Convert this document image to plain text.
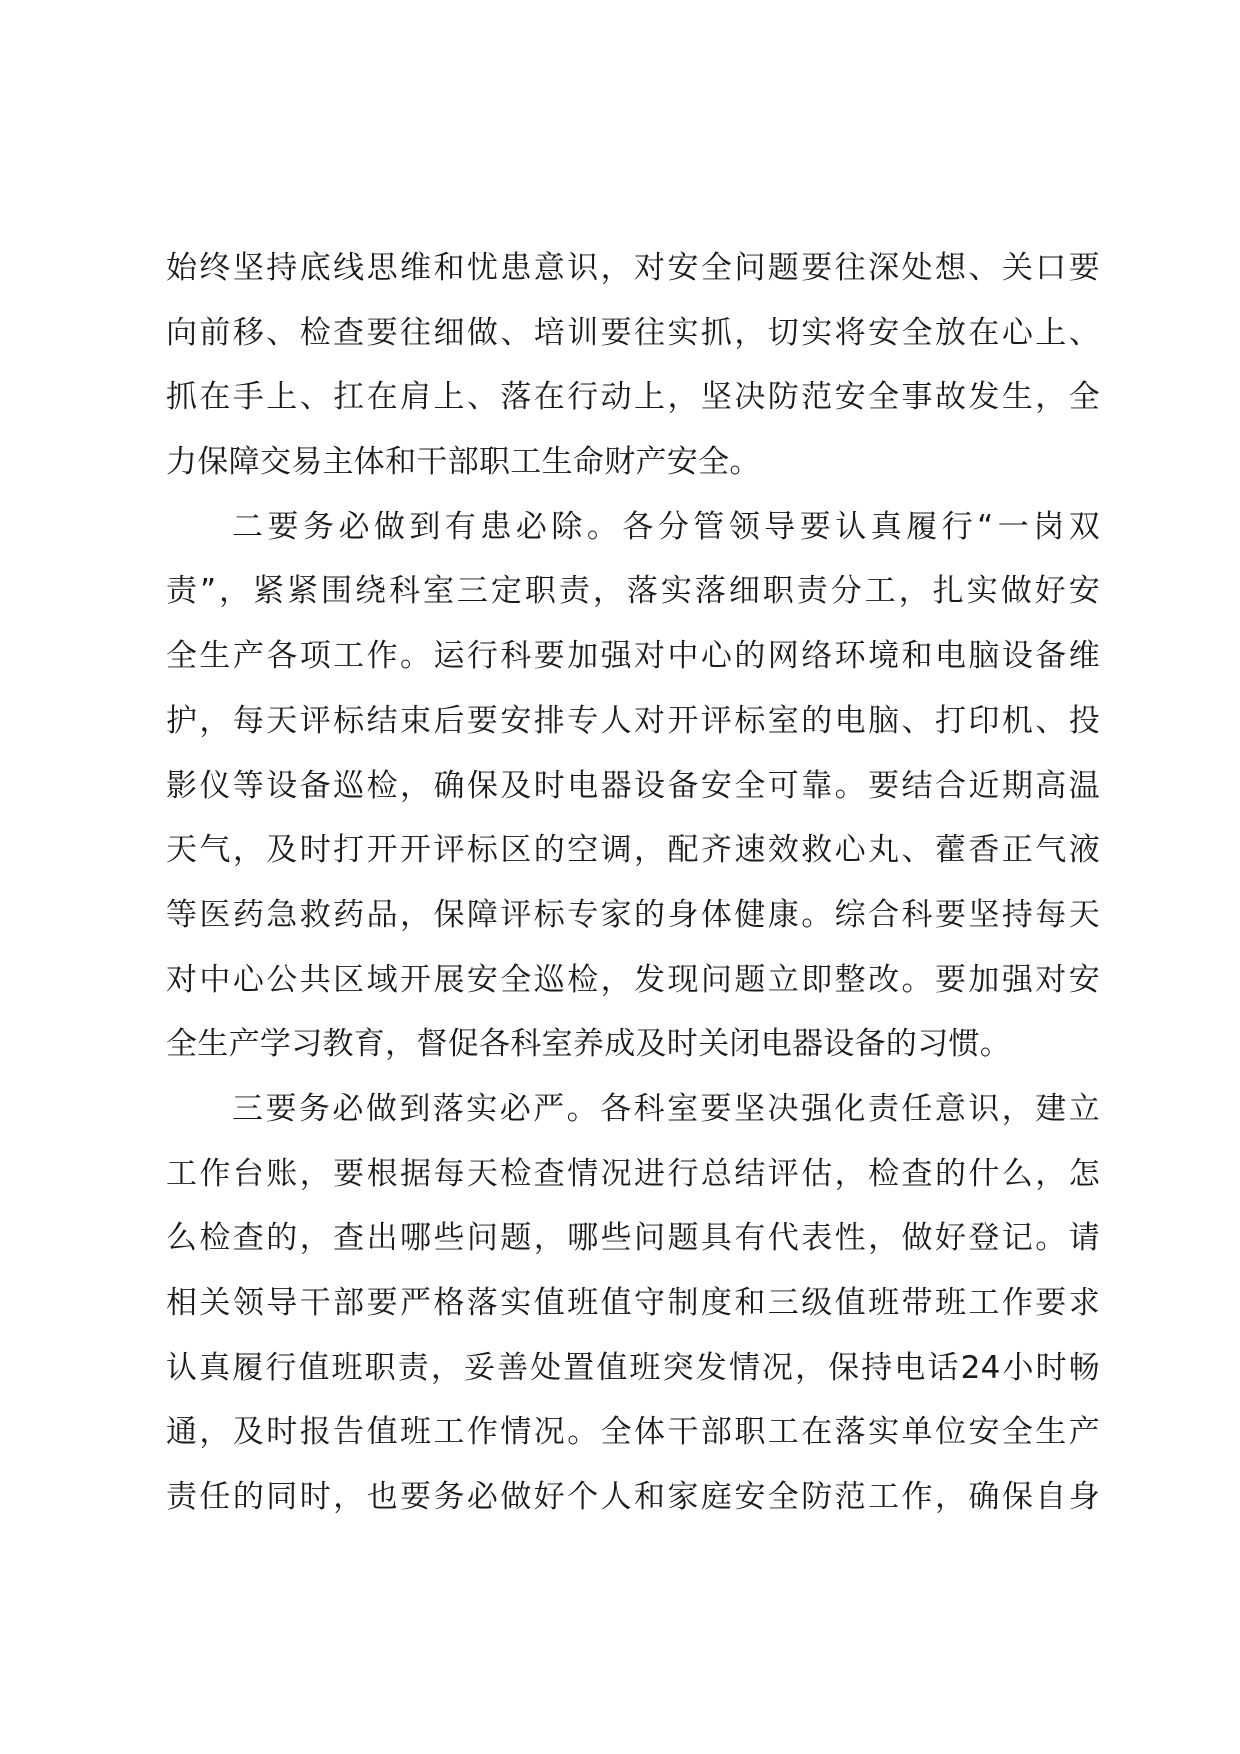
始终坚持底线思维和忧患意识，对安全问题要往深处想、关口要
向前移、检查要往细做、培训要往实抓，切实将安全放在心上、
抓在手上、扛在肩上、落在行动上，坚决防范安全事故发生，全
力保障交易主体和干部职工生命财产安全。
二要务必做到有患必除。各分管领导要认真履行“一岗双
责”，紧紧围绕科室三定职责，落实落细职责分工，扎实做好安
全生产各项工作。运行科要加强对中心的网络环境和电脑设备维
护，每天评标结束后要安排专人对开评标室的电脑、打印机、投
影仪等设备巡检，确保及时电器设备安全可靠。要结合近期高温
天气，及时打开开评标区的空调，配齐速效救心丸、藿香正气液
等医药急救药品，保障评标专家的身体健康。综合科要坚持每天
对中心公共区域开展安全巡检，发现问题立即整改。要加强对安
全生产学习教育，督促各科室养成及时关闭电器设备的习惯。
三要务必做到落实必严。各科室要坚决强化责任意识，建立
工作台账，要根据每天检查情况进行总结评估，检查的什么，怎
么检查的，查出哪些问题，哪些问题具有代表性，做好登记。请
相关领导干部要严格落实值班值守制度和三级值班带班工作要求
认真履行值班职责，妥善处置值班突发情况，保持电话24小时畅
通，及时报告值班工作情况。全体干部职工在落实单位安全生产
责任的同时，也要务必做好个人和家庭安全防范工作，确保自身
